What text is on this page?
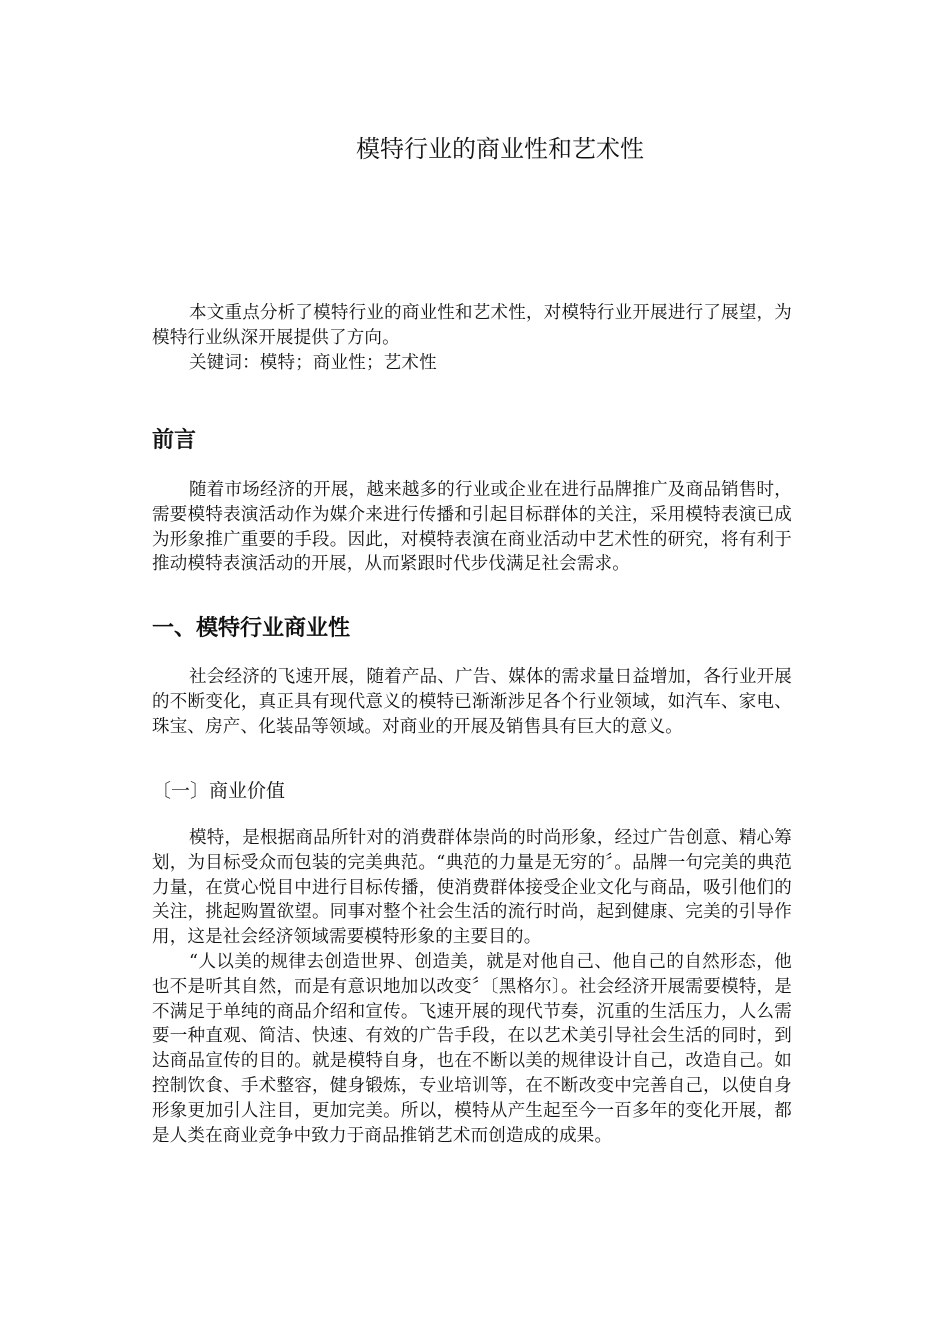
模特行业的商业性和艺术性

本文重点分析了模特行业的商业性和艺术性，对模特行业开展进行了展望，为模特行业纵深开展提供了方向。

关键词：模特；商业性；艺术性

前言

随着市场经济的开展，越来越多的行业或企业在进行品牌推广及商品销售时，需要模特表演活动作为媒介来进行传播和引起目标群体的关注，采用模特表演已成为形象推广重要的手段。因此，对模特表演在商业活动中艺术性的研究，将有利于推动模特表演活动的开展，从而紧跟时代步伐满足社会需求。

一、模特行业商业性

社会经济的飞速开展，随着产品、广告、媒体的需求量日益增加，各行业开展的不断变化，真正具有现代意义的模特已渐渐涉足各个行业领域，如汽车、家电、珠宝、房产、化装品等领域。对商业的开展及销售具有巨大的意义。

〔一〕商业价值

模特，是根据商品所针对的消费群体崇尚的时尚形象，经过广告创意、精心筹划，为目标受众而包装的完美典范。“典范的力量是无穷的〞。品牌一句完美的典范力量，在赏心悦目中进行目标传播，使消费群体接受企业文化与商品，吸引他们的关注，挑起购置欲望。同事对整个社会生活的流行时尚，起到健康、完美的引导作用，这是社会经济领域需要模特形象的主要目的。

“人以美的规律去创造世界、创造美，就是对他自己、他自己的自然形态，他也不是听其自然，而是有意识地加以改变〞〔黑格尔〕。社会经济开展需要模特，是不满足于单纯的商品介绍和宣传。飞速开展的现代节奏，沉重的生活压力，人么需要一种直观、简洁、快速、有效的广告手段，在以艺术美引导社会生活的同时，到达商品宣传的目的。就是模特自身，也在不断以美的规律设计自己，改造自己。如控制饮食、手术整容，健身锻炼，专业培训等，在不断改变中完善自己，以使自身形象更加引人注目，更加完美。所以，模特从产生起至今一百多年的变化开展，都是人类在商业竞争中致力于商品推销艺术而创造成的成果。
